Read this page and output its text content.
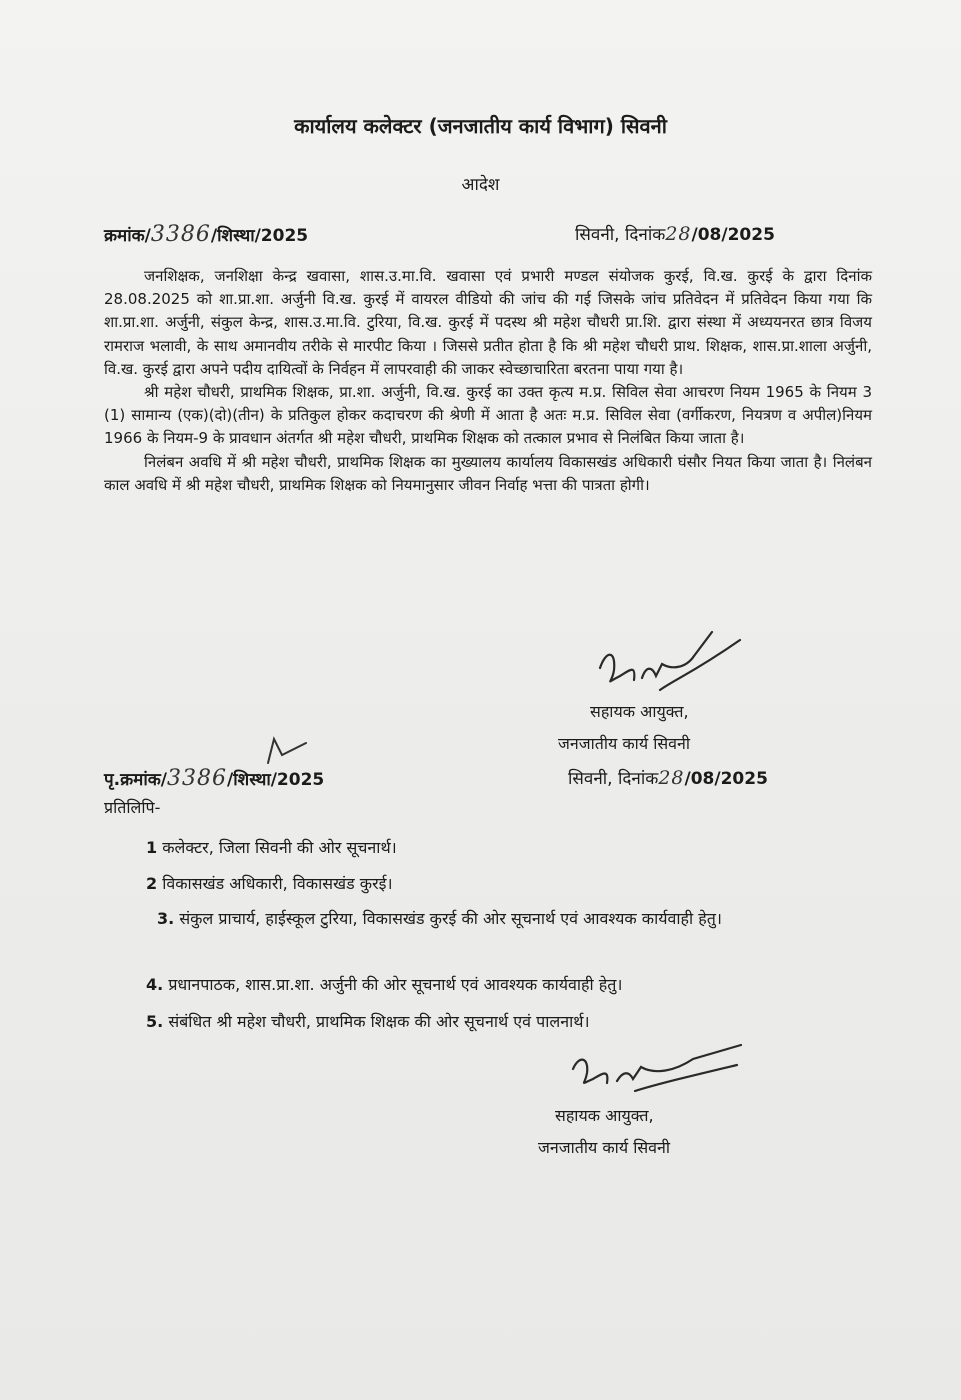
कार्यालय कलेक्टर (जनजातीय कार्य विभाग) सिवनी
आदेश
क्रमांक/3386/शिस्था/2025	सिवनी, दिनांक28/08/2025

जनशिक्षक, जनशिक्षा केन्द्र खवासा, शास.उ.मा.वि. खवासा एवं प्रभारी मण्डल संयोजक कुरई, वि.ख. कुरई के द्वारा दिनांक 28.08.2025 को शा.प्रा.शा. अर्जुनी वि.ख. कुरई में वायरल वीडियो की जांच की गई जिसके जांच प्रतिवेदन में प्रतिवेदन किया गया कि शा.प्रा.शा. अर्जुनी, संकुल केन्द्र, शास.उ.मा.वि. टुरिया, वि.ख. कुरई में पदस्थ श्री महेश चौधरी प्रा.शि. द्वारा संस्था में अध्ययनरत छात्र विजय रामराज भलावी, के साथ अमानवीय तरीके से मारपीट किया । जिससे प्रतीत होता है कि श्री महेश चौधरी प्राथ. शिक्षक, शास.प्रा.शाला अर्जुनी, वि.ख. कुरई द्वारा अपने पदीय दायित्वों के निर्वहन में लापरवाही की जाकर स्वेच्छाचारिता बरतना पाया गया है।

श्री महेश चौधरी, प्राथमिक शिक्षक, प्रा.शा. अर्जुनी, वि.ख. कुरई का उक्त कृत्य म.प्र. सिविल सेवा आचरण नियम 1965 के नियम 3 (1) सामान्य (एक)(दो)(तीन) के प्रतिकुल होकर कदाचरण की श्रेणी में आता है अतः म.प्र. सिविल सेवा (वर्गीकरण, नियत्रण व अपील)नियम 1966 के नियम-9 के प्रावधान अंतर्गत श्री महेश चौधरी, प्राथमिक शिक्षक को तत्काल प्रभाव से निलंबित किया जाता है।

निलंबन अवधि में श्री महेश चौधरी, प्राथमिक शिक्षक का मुख्यालय कार्यालय विकासखंड अधिकारी घंसौर नियत किया जाता है। निलंबन काल अवधि में श्री महेश चौधरी, प्राथमिक शिक्षक को नियमानुसार जीवन निर्वाह भत्ता की पात्रता होगी।

सहायक आयुक्त,
जनजातीय कार्य सिवनी
पृ.क्रमांक/3386/शिस्था/2025	सिवनी, दिनांक28/08/2025
प्रतिलिपि-
1 कलेक्टर, जिला सिवनी की ओर सूचनार्थ।
2 विकासखंड अधिकारी, विकासखंड कुरई।
3. संकुल प्राचार्य, हाईस्कूल टुरिया, विकासखंड कुरई की ओर सूचनार्थ एवं आवश्यक कार्यवाही हेतु।
4. प्रधानपाठक, शास.प्रा.शा. अर्जुनी की ओर सूचनार्थ एवं आवश्यक कार्यवाही हेतु।
5. संबंधित श्री महेश चौधरी, प्राथमिक शिक्षक की ओर सूचनार्थ एवं पालनार्थ।
सहायक आयुक्त,
जनजातीय कार्य सिवनी
